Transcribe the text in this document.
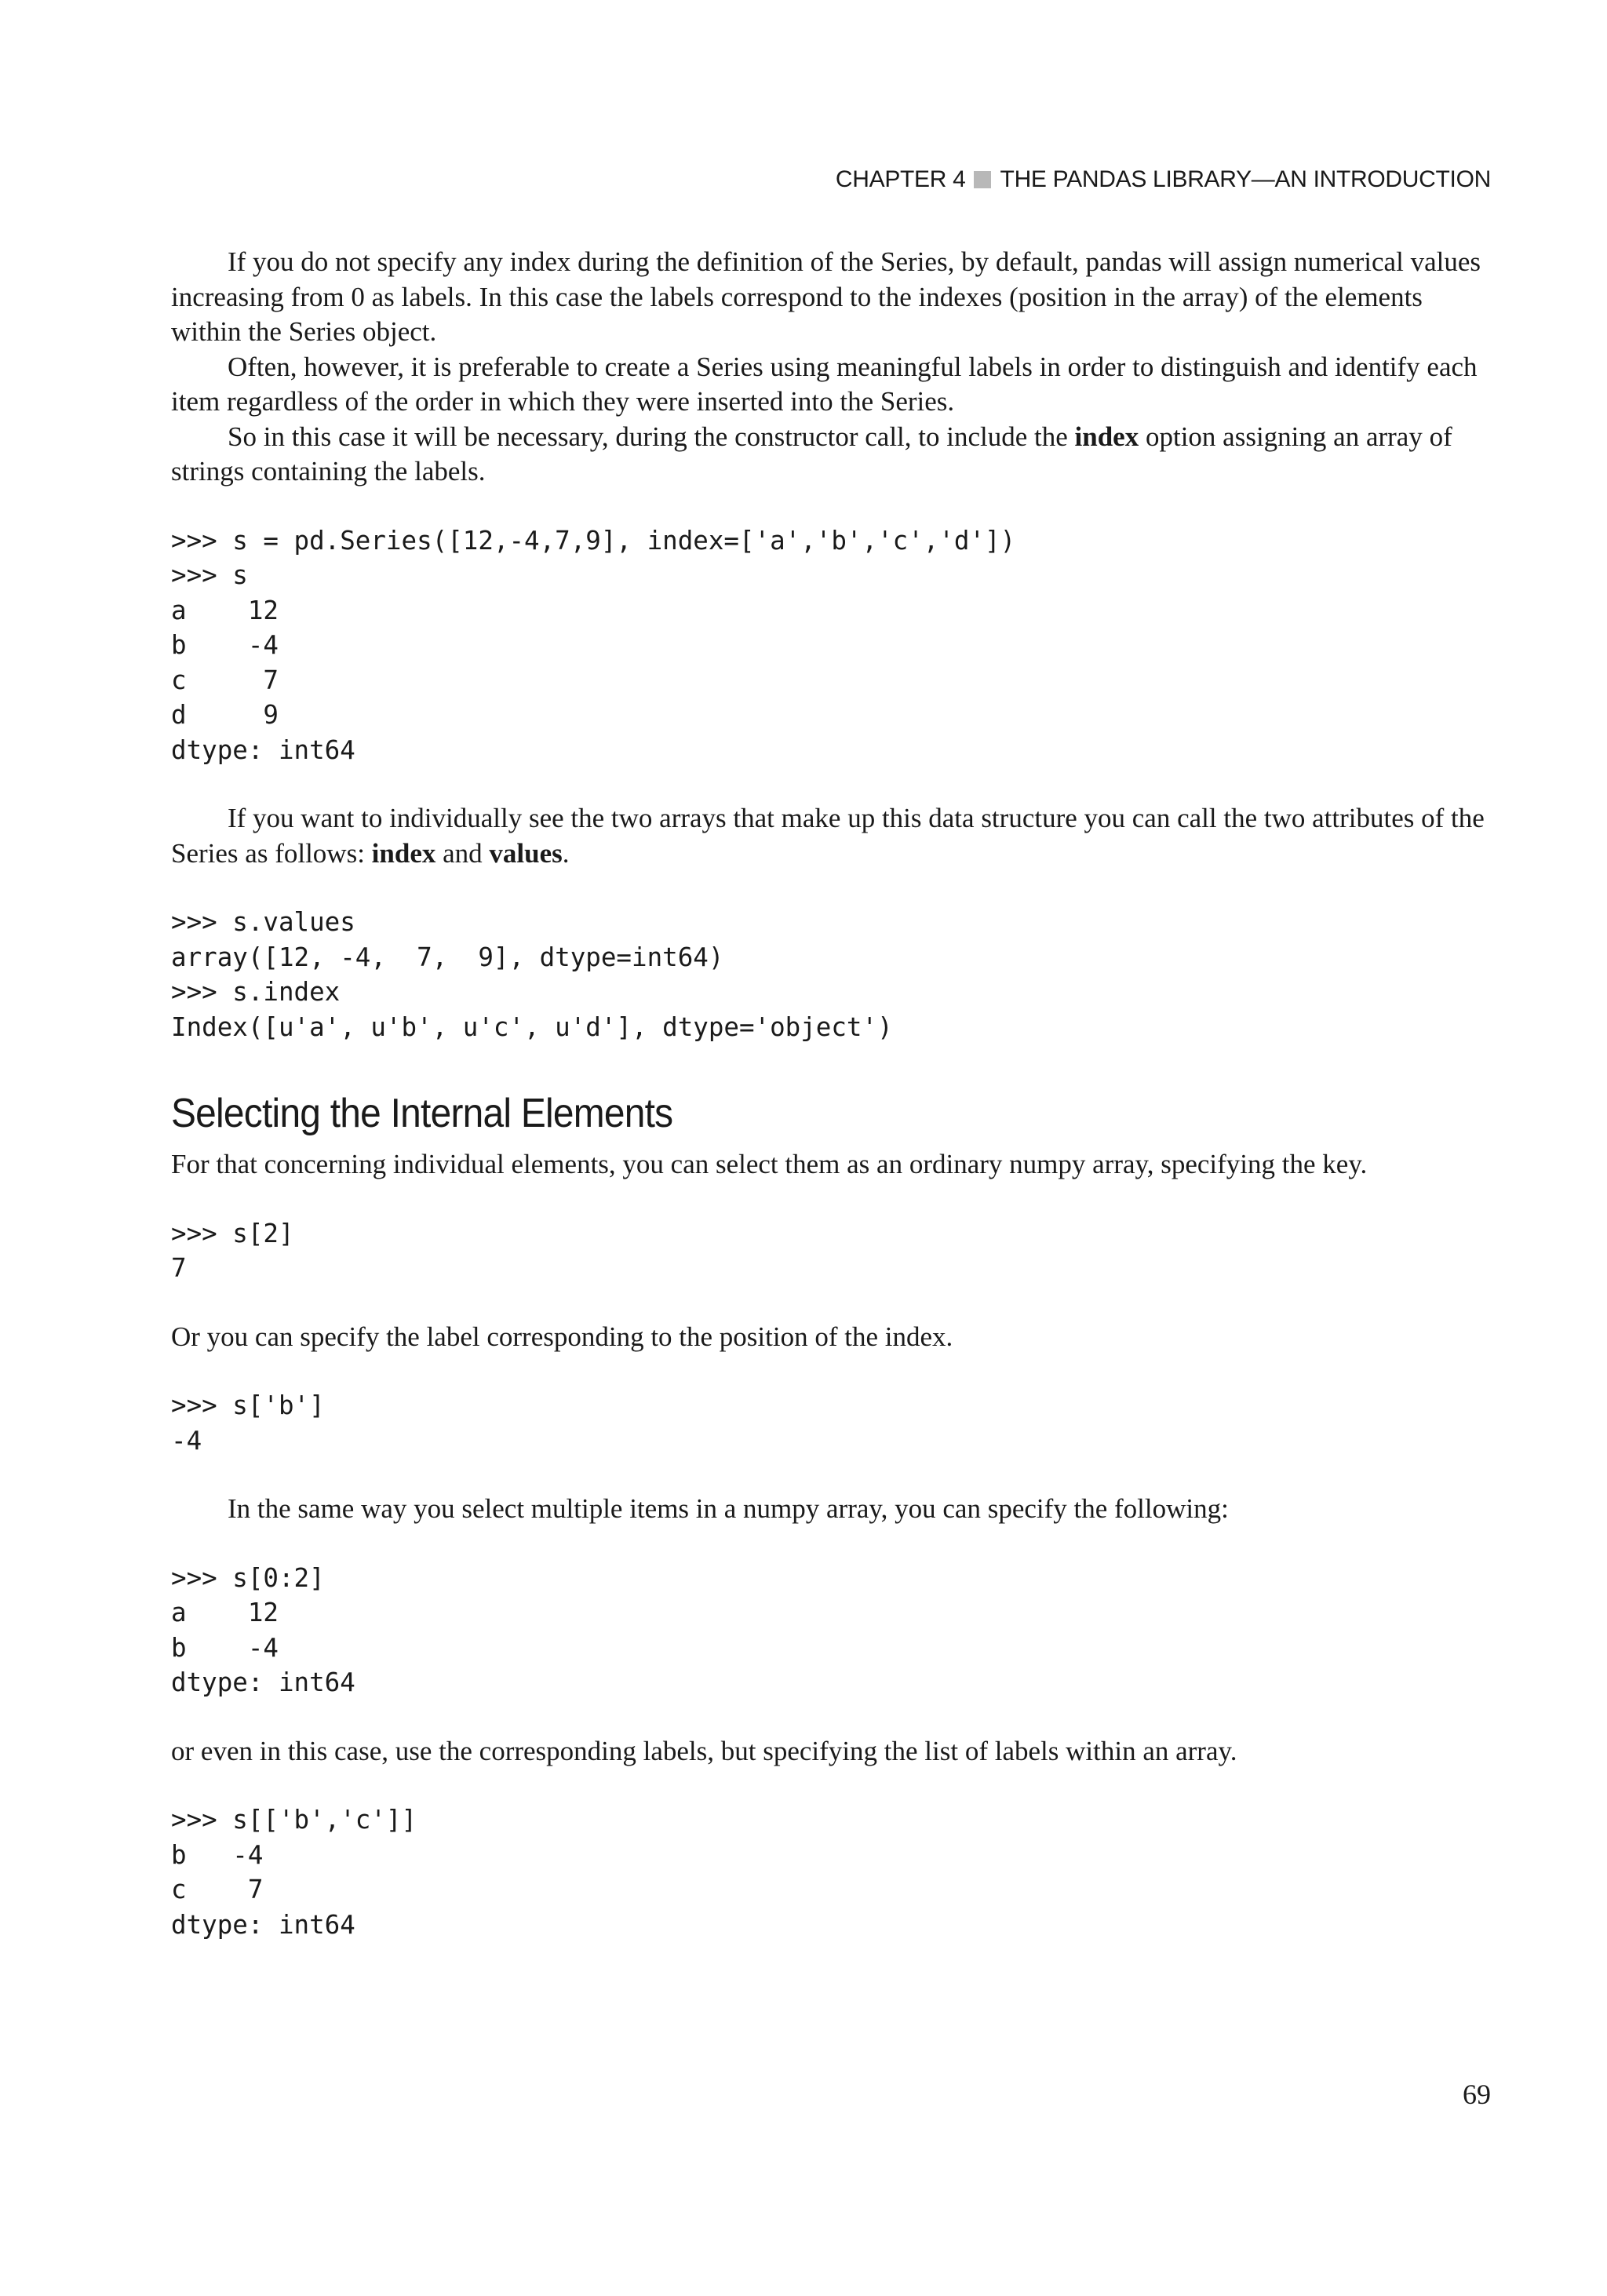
CHAPTER 4 THE PANDAS LIBRARY—AN INTRODUCTION

If you do not specify any index during the definition of the Series, by default, pandas will assign numerical values increasing from 0 as labels. In this case the labels correspond to the indexes (position in the array) of the elements within the Series object.

Often, however, it is preferable to create a Series using meaningful labels in order to distinguish and identify each item regardless of the order in which they were inserted into the Series.

So in this case it will be necessary, during the constructor call, to include the index option assigning an array of strings containing the labels.

>>> s = pd.Series([12,-4,7,9], index=['a','b','c','d'])
>>> s
a    12
b    -4
c     7
d     9
dtype: int64

If you want to individually see the two arrays that make up this data structure you can call the two attributes of the Series as follows: index and values.

>>> s.values
array([12, -4,  7,  9], dtype=int64)
>>> s.index
Index([u'a', u'b', u'c', u'd'], dtype='object')
Selecting the Internal Elements

For that concerning individual elements, you can select them as an ordinary numpy array, specifying the key.

>>> s[2]
7

Or you can specify the label corresponding to the position of the index.

>>> s['b']
-4

In the same way you select multiple items in a numpy array, you can specify the following:

>>> s[0:2]
a    12
b    -4
dtype: int64

or even in this case, use the corresponding labels, but specifying the list of labels within an array.

>>> s[['b','c']]
b   -4
c    7
dtype: int64
69
